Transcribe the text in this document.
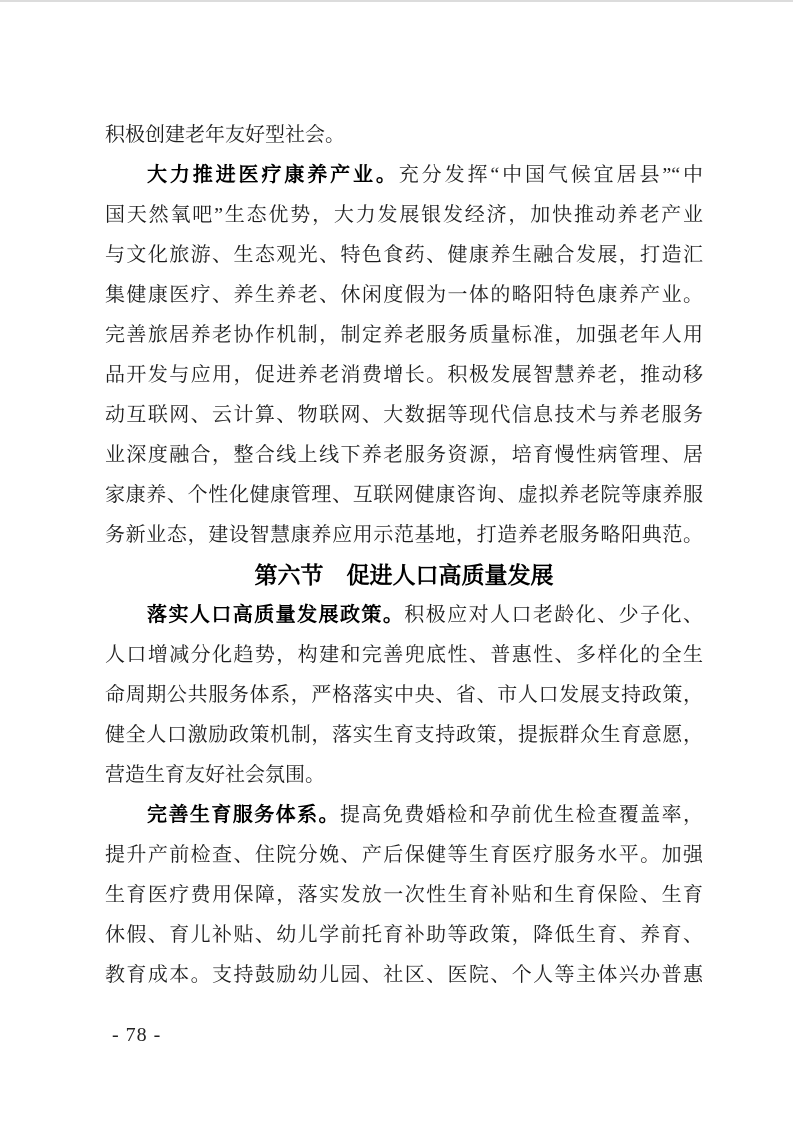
积极创建老年友好型社会。
大力推进医疗康养产业。充分发挥“中国气候宜居县”“中
国天然氧吧”生态优势，大力发展银发经济，加快推动养老产业
与文化旅游、生态观光、特色食药、健康养生融合发展，打造汇
集健康医疗、养生养老、休闲度假为一体的略阳特色康养产业。
完善旅居养老协作机制，制定养老服务质量标准，加强老年人用
品开发与应用，促进养老消费增长。积极发展智慧养老，推动移
动互联网、云计算、物联网、大数据等现代信息技术与养老服务
业深度融合，整合线上线下养老服务资源，培育慢性病管理、居
家康养、个性化健康管理、互联网健康咨询、虚拟养老院等康养服
务新业态，建设智慧康养应用示范基地，打造养老服务略阳典范。
第六节　促进人口高质量发展
落实人口高质量发展政策。积极应对人口老龄化、少子化、
人口增减分化趋势，构建和完善兜底性、普惠性、多样化的全生
命周期公共服务体系，严格落实中央、省、市人口发展支持政策，
健全人口激励政策机制，落实生育支持政策，提振群众生育意愿，
营造生育友好社会氛围。
完善生育服务体系。提高免费婚检和孕前优生检查覆盖率，
提升产前检查、住院分娩、产后保健等生育医疗服务水平。加强
生育医疗费用保障，落实发放一次性生育补贴和生育保险、生育
休假、育儿补贴、幼儿学前托育补助等政策，降低生育、养育、
教育成本。支持鼓励幼儿园、社区、医院、个人等主体兴办普惠
- 78 -
